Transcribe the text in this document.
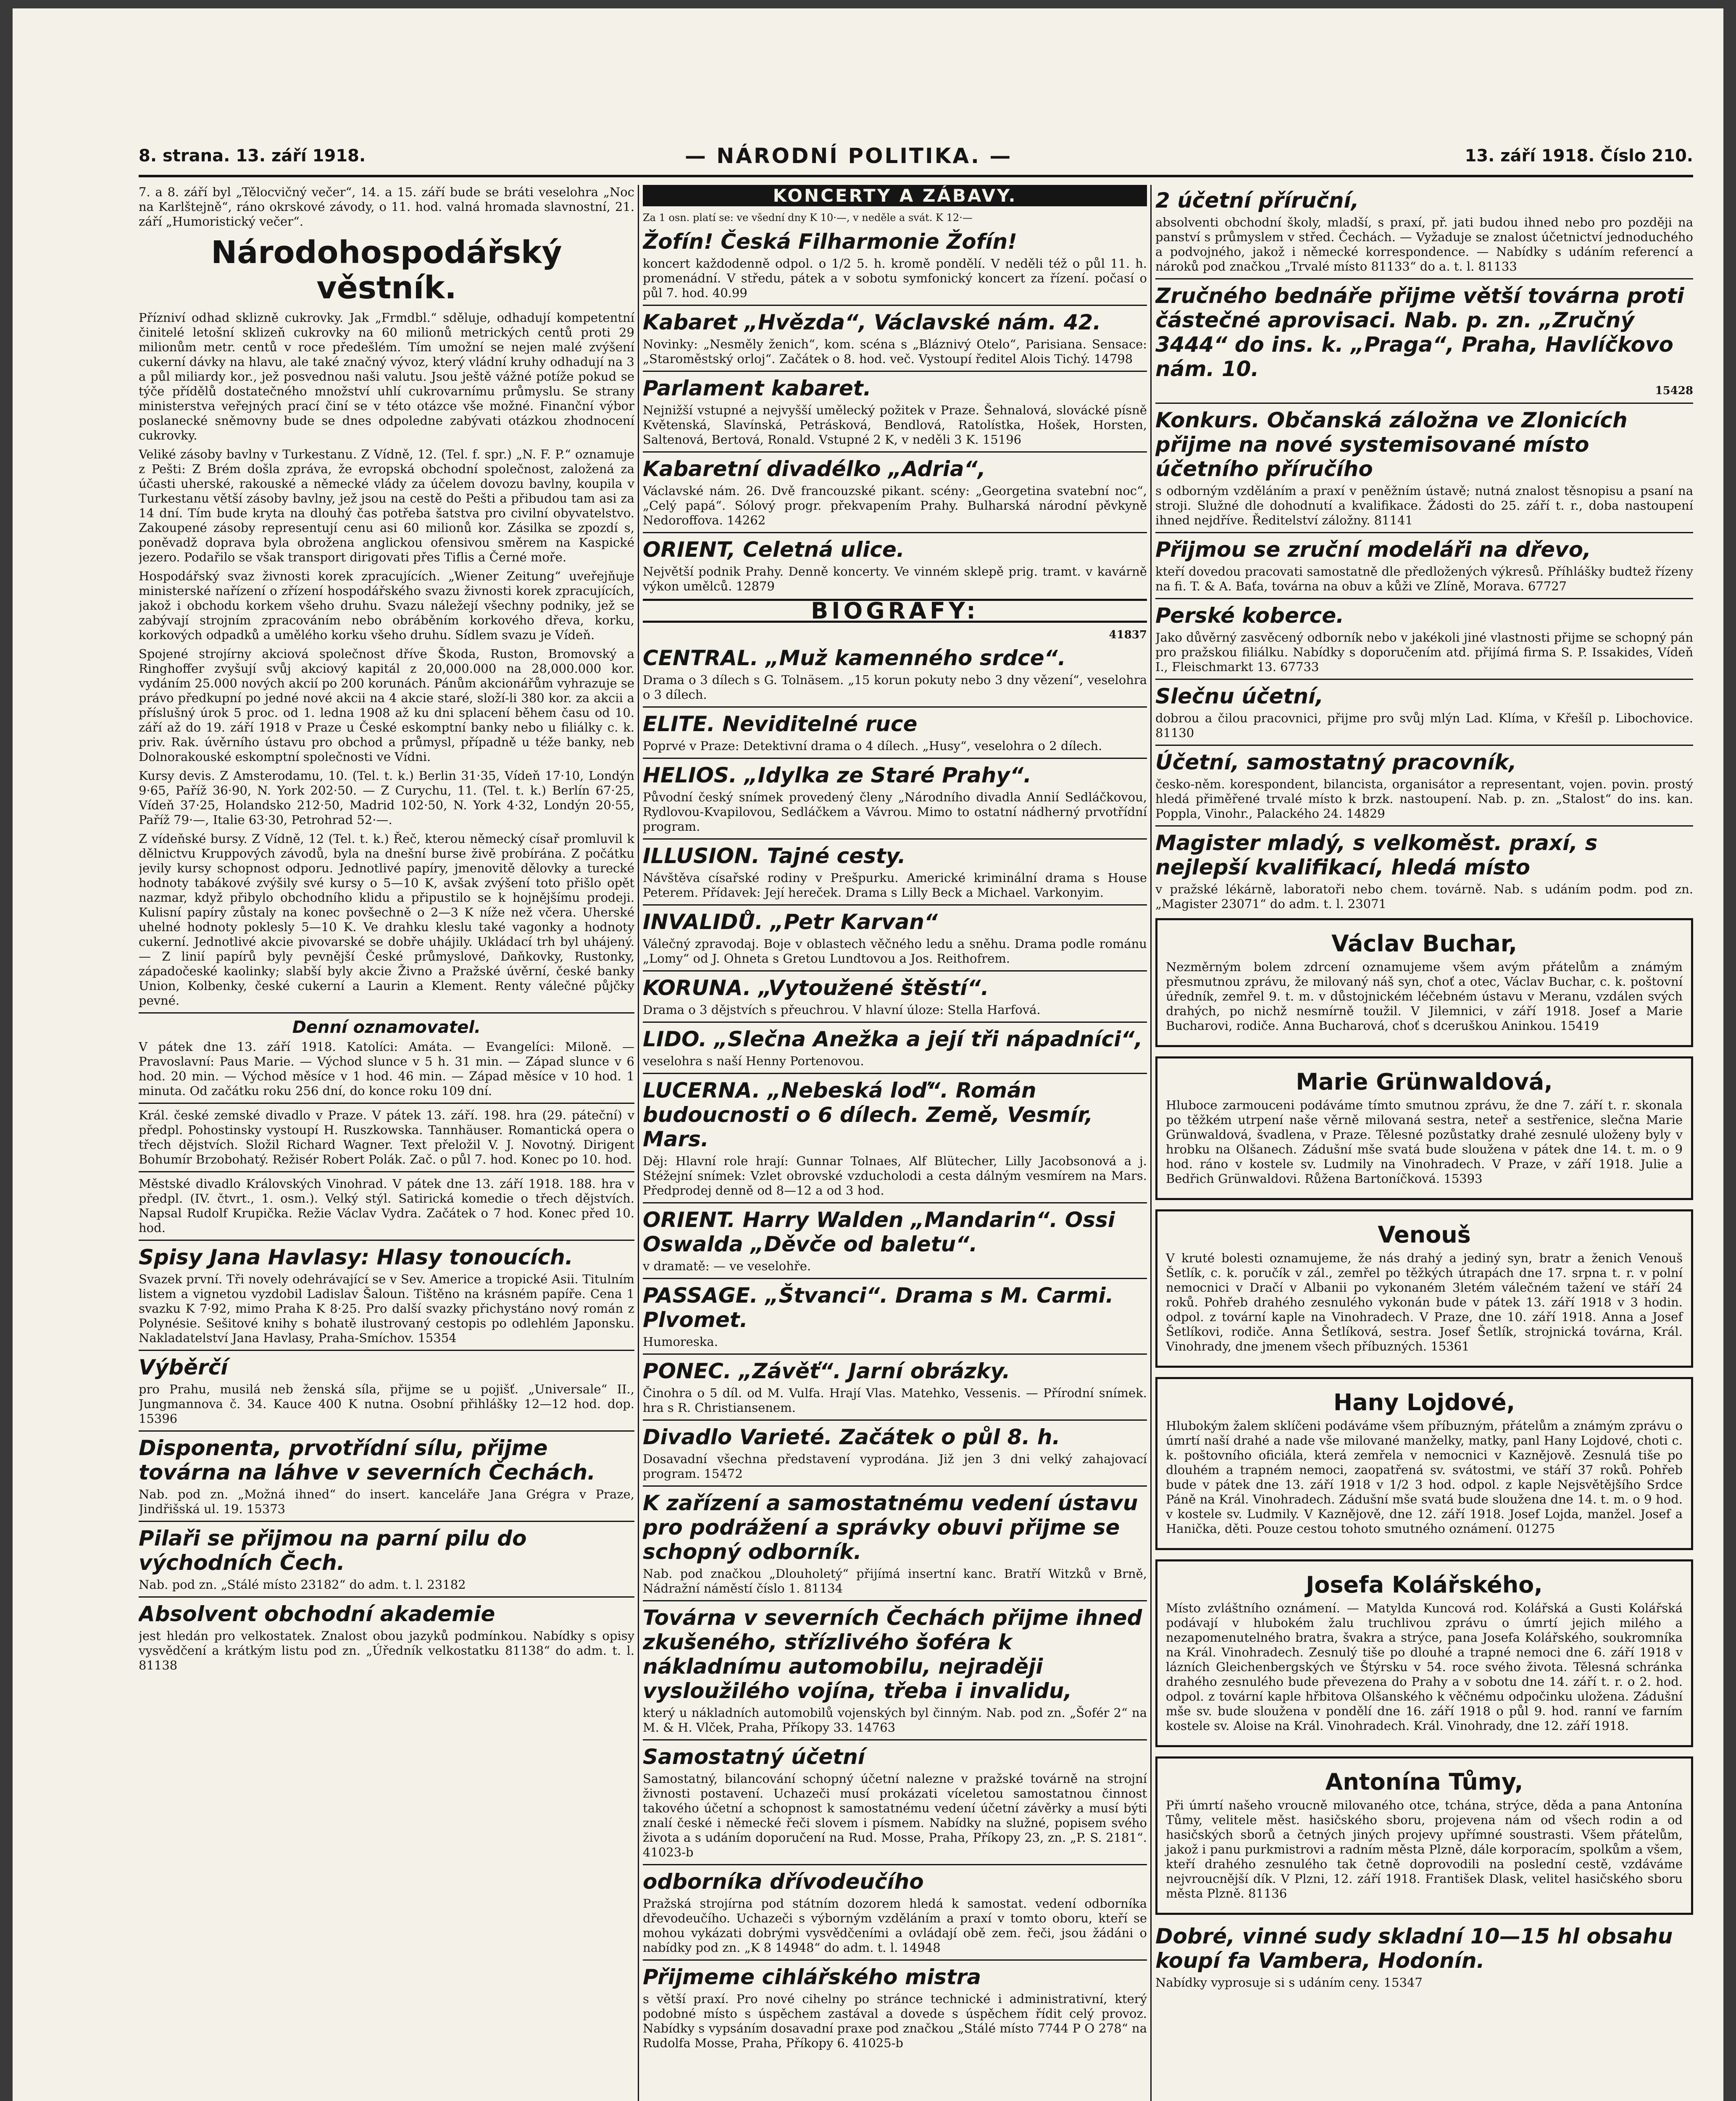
8. strana. 13. září 1918.	— NÁRODNÍ POLITIKA. —	13. září 1918. Číslo 210.

7. a 8. září byl „Tělocvičný večer“, 14. a 15. září bude se bráti veselohra „Noc na Karlštejně“, ráno okrskové závody, o 11. hod. valná hromada slavnostní, 21. září „Humoristický večer“.

Národohospodářský věstník.

Přízniví odhad sklizně cukrovky. Jak „Frmdbl.“ sděluje, odhadují kompetentní činitelé letošní sklizeň cukrovky na 60 milionů metrických centů proti 29 milionům metr. centů v roce předešlém. Tím umožní se nejen malé zvýšení cukerní dávky na hlavu, ale také značný vývoz, který vládní kruhy odhadují na 3 a půl miliardy kor., jež posvednou naši valutu. Jsou ještě vážné potíže pokud se týče přídělů dostatečného množství uhlí cukrovarnímu průmyslu. Se strany ministerstva veřejných prací činí se v této otázce vše možné. Finanční výbor poslanecké sněmovny bude se dnes odpoledne zabývati otázkou zhodnocení cukrovky.

Veliké zásoby bavlny v Turkestanu. Z Vídně, 12. (Tel. f. spr.) „N. F. P.“ oznamuje z Pešti: Z Brém došla zpráva, že evropská obchodní společnost, založená za účasti uherské, rakouské a německé vlády za účelem dovozu bavlny, koupila v Turkestanu větší zásoby bavlny, jež jsou na cestě do Pešti a přibudou tam asi za 14 dní. Tím bude kryta na dlouhý čas potřeba šatstva pro civilní obyvatelstvo. Zakoupené zásoby representují cenu asi 60 milionů kor. Zásilka se zpozdí s, poněvadž doprava byla obrožena anglickou ofensivou směrem na Kaspické jezero. Podařilo se však transport dirigovati přes Tiflis a Černé moře.

Hospodářský svaz živnosti korek zpracujících. „Wiener Zeitung“ uveřejňuje ministerské nařízení o zřízení hospodářského svazu živnosti korek zpracujících, jakož i obchodu korkem všeho druhu. Svazu náležejí všechny podniky, jež se zabývají strojním zpracováním nebo obráběním korkového dřeva, korku, korkových odpadků a umělého korku všeho druhu. Sídlem svazu je Vídeň.

Spojené strojírny akciová společnost dříve Škoda, Ruston, Bromovský a Ringhoffer zvyšují svůj akciový kapitál z 20,000.000 na 28,000.000 kor. vydáním 25.000 nových akcií po 200 korunách. Pánům akcionářům vyhrazuje se právo předkupní po jedné nové akcii na 4 akcie staré, složí-li 380 kor. za akcii a příslušný úrok 5 proc. od 1. ledna 1908 až ku dni splacení během času od 10. září až do 19. září 1918 v Praze u České eskomptní banky nebo u filiálky c. k. priv. Rak. úvěrního ústavu pro obchod a průmysl, případně u téže banky, neb Dolnorakouské eskomptní společnosti ve Vídni.

Kursy devis. Z Amsterodamu, 10. (Tel. t. k.) Berlin 31·35, Vídeň 17·10, Londýn 9·65, Paříž 36·90, N. York 202·50. — Z Curychu, 11. (Tel. t. k.) Berlín 67·25, Vídeň 37·25, Holandsko 212·50, Madrid 102·50, N. York 4·32, Londýn 20·55, Paříž 79·—, Italie 63·30, Petrohrad 52·—.

Z vídeňské bursy. Z Vídně, 12 (Tel. t. k.) Řeč, kterou německý císař promluvil k dělnictvu Kruppových závodů, byla na dnešní burse živě probírána. Z počátku jevily kursy schopnost odporu. Jednotlivé papíry, jmenovitě dělovky a turecké hodnoty tabákové zvýšily své kursy o 5—10 K, avšak zvýšení toto přišlo opět nazmar, když přibylo obchodního klidu a připustilo se k hojnějšímu prodeji. Kulisní papíry zůstaly na konec povšechně o 2—3 K níže než včera. Uherské uhelné hodnoty poklesly 5—10 K. Ve drahku kleslu také vagonky a hodnoty cukerní. Jednotlivé akcie pivovarské se dobře uhájily. Ukládací trh byl uhájený. — Z linií papírů byly pevnější České průmyslové, Daňkovky, Rustonky, západočeské kaolinky; slabší byly akcie Živno a Pražské úvěrní, české banky Union, Kolbenky, české cukerní a Laurin a Klement. Renty válečné půjčky pevné.

Denní oznamovatel.

V pátek dne 13. září 1918. Katolíci: Amáta. — Evangelíci: Miloně. — Pravoslavní: Paus Marie. — Východ slunce v 5 h. 31 min. — Západ slunce v 6 hod. 20 min. — Východ měsíce v 1 hod. 46 min. — Západ měsíce v 10 hod. 1 minuta. Od začátku roku 256 dní, do konce roku 109 dní.

Král. české zemské divadlo v Praze. V pátek 13. září. 198. hra (29. páteční) v předpl. Pohostinsky vystoupí H. Ruszkowska. Tannhäuser. Romantická opera o třech dějstvích. Složil Richard Wagner. Text přeložil V. J. Novotný. Dirigent Bohumír Brzobohatý. Režisér Robert Polák. Zač. o půl 7. hod. Konec po 10. hod.

Městské divadlo Královských Vinohrad. V pátek dne 13. září 1918. 188. hra v předpl. (IV. čtvrt., 1. osm.). Velký stýl. Satirická komedie o třech dějstvích. Napsal Rudolf Krupička. Režie Václav Vydra. Začátek o 7 hod. Konec před 10. hod.

Spisy Jana Havlasy: Hlasy tonoucích.

Svazek první. Tři novely odehrávající se v Sev. Americe a tropické Asii. Titulním listem a vignetou vyzdobil Ladislav Šaloun. Tištěno na krásném papíře. Cena 1 svazku K 7·92, mimo Praha K 8·25. Pro další svazky přichystáno nový román z Polynésie. Sešitové knihy s bohatě ilustrovaný cestopis po odlehlém Japonsku. Nakladatelství Jana Havlasy, Praha-Smíchov. 15354

Výběrčí

pro Prahu, musilá neb ženská síla, přijme se u pojišť. „Universale“ II., Jungmannova č. 34. Kauce 400 K nutna. Osobní přihlášky 12—12 hod. dop. 15396

Disponenta, prvotřídní sílu, přijme továrna na láhve v severních Čechách.

Nab. pod zn. „Možná ihned“ do insert. kanceláře Jana Grégra v Praze, Jindřišská ul. 19. 15373

Pilaři se přijmou na parní pilu do východních Čech.

Nab. pod zn. „Stálé místo 23182“ do adm. t. l. 23182

Absolvent obchodní akademie

jest hledán pro velkostatek. Znalost obou jazyků podmínkou. Nabídky s opisy vysvědčení a krátkým listu pod zn. „Úředník velkostatku 81138“ do adm. t. l. 81138

KONCERTY A ZÁBAVY.

Za 1 osn. platí se: ve všední dny K 10·—, v neděle a svát. K 12·—

Žofín! Česká Filharmonie Žofín!

koncert každodenně odpol. o 1/2 5. h. kromě pondělí. V neděli též o půl 11. h. promenádní. V středu, pátek a v sobotu symfonický koncert za řízení. počasí o půl 7. hod. 40.99

Kabaret „Hvězda“, Václavské nám. 42.

Novinky: „Nesměly ženich“, kom. scéna s „Bláznivý Otelo“, Parisiana. Sensace: „Staroměstský orloj“. Začátek o 8. hod. več. Vystoupí ředitel Alois Tichý. 14798

Parlament kabaret.

Nejnižší vstupné a nejvyšší umělecký požitek v Praze. Šehnalová, slovácké písně Květenská, Slavínská, Petrásková, Bendlová, Ratolístka, Hošek, Horsten, Saltenová, Bertová, Ronald. Vstupné 2 K, v neděli 3 K. 15196

Kabaretní divadélko „Adria“,

Václavské nám. 26. Dvě francouzské pikant. scény: „Georgetina svatební noc“, „Celý papá“. Sólový progr. překvapením Prahy. Bulharská národní pěvkyně Nedoroffova. 14262

ORIENT, Celetná ulice.

Největší podnik Prahy. Denně koncerty. Ve vinném sklepě prig. tramt. v kavárně výkon umělců. 12879

BIOGRAFY:
41837
CENTRAL. „Muž kamenného srdce“.

Drama o 3 dílech s G. Tolnäsem. „15 korun pokuty nebo 3 dny vězení“, veselohra o 3 dílech.

ELITE. Neviditelné ruce

Poprvé v Praze: Detektivní drama o 4 dílech. „Husy“, veselohra o 2 dílech.

HELIOS. „Idylka ze Staré Prahy“.

Původní český snímek provedený členy „Národního divadla Annií Sedláčkovou, Rydlovou-Kvapilovou, Sedláčkem a Vávrou. Mimo to ostatní nádherný prvotřídní program.

ILLUSION. Tajné cesty.

Návštěva císařské rodiny v Prešpurku. Americké kriminální drama s House Peterem. Přídavek: Její hereček. Drama s Lilly Beck a Michael. Varkonyim.

INVALIDŮ. „Petr Karvan“

Válečný zpravodaj. Boje v oblastech věčného ledu a sněhu. Drama podle románu „Lomy“ od J. Ohneta s Gretou Lundtovou a Jos. Reithofrem.

KORUNA. „Vytoužené štěstí“.

Drama o 3 dějstvích s přeuchrou. V hlavní úloze: Stella Harfová.

LIDO. „Slečna Anežka a její tři nápadníci“,

veselohra s naší Henny Portenovou.

LUCERNA. „Nebeská loď“. Román budoucnosti o 6 dílech. Země, Vesmír, Mars.

Děj: Hlavní role hrají: Gunnar Tolnaes, Alf Blütecher, Lilly Jacobsonová a j. Stéžejní snímek: Vzlet obrovské vzducholodi a cesta dálným vesmírem na Mars. Předprodej denně od 8—12 a od 3 hod.

ORIENT. Harry Walden „Mandarin“. Ossi Oswalda „Děvče od baletu“.

v dramatě: — ve veselohře.

PASSAGE. „Štvanci“. Drama s M. Carmi. Plvomet.

Humoreska.

PONEC. „Závěť“. Jarní obrázky.

Činohra o 5 díl. od M. Vulfa. Hrají Vlas. Matehko, Vessenis. — Přírodní snímek. hra s R. Christiansenem.

Divadlo Varieté. Začátek o půl 8. h.

Dosavadní všechna představení vyprodána. Již jen 3 dni velký zahajovací program. 15472

K zařízení a samostatnému vedení ústavu pro podrážení a správky obuvi přijme se schopný odborník.

Nab. pod značkou „Dlouholetý“ přijímá insertní kanc. Bratří Witzků v Brně, Nádražní náměstí číslo 1. 81134

Továrna v severních Čechách přijme ihned zkušeného, střízlivého šoféra k nákladnímu automobilu, nejraději vysloužilého vojína, třeba i invalidu,

který u nákladních automobilů vojenských byl činným. Nab. pod zn. „Šofér 2“ na M. & H. Vlček, Praha, Příkopy 33. 14763

Samostatný účetní

Samostatný, bilancování schopný účetní nalezne v pražské továrně na strojní živnosti postavení. Uchazeči musí prokázati víceletou samostatnou činnost takového účetní a schopnost k samostatnému vedení účetní závěrky a musí býti znalí české i německé řeči slovem i písmem. Nabídky na služné, popisem svého života a s udáním doporučení na Rud. Mosse, Praha, Příkopy 23, zn. „P. S. 2181“. 41023-b

odborníka dřívodeučího

Pražská strojírna pod státním dozorem hledá k samostat. vedení odborníka dřevodeučího. Uchazeči s výborným vzděláním a praxí v tomto oboru, kteří se mohou vykázati dobrými vysvědčeními a ovládají obě zem. řeči, jsou žádáni o nabídky pod zn. „K 8 14948“ do adm. t. l. 14948

Přijmeme cihlářského mistra

s větší praxí. Pro nové cihelny po stránce technické i administrativní, který podobné místo s úspěchem zastával a dovede s úspěchem řídit celý provoz. Nabídky s vypsáním dosavadní praxe pod značkou „Stálé místo 7744 P O 278“ na Rudolfa Mosse, Praha, Příkopy 6. 41025-b

2 účetní příruční,

absolventi obchodní školy, mladší, s praxí, př. jati budou ihned nebo pro později na panství s průmyslem v střed. Čechách. — Vyžaduje se znalost účetnictví jednoduchého a podvojného, jakož i německé korrespondence. — Nabídky s udáním referencí a nároků pod značkou „Trvalé místo 81133“ do a. t. l. 81133

Zručného bednáře přijme větší továrna proti částečné aprovisaci. Nab. p. zn. „Zručný 3444“ do ins. k. „Praga“, Praha, Havlíčkovo nám. 10.
15428
Konkurs. Občanská záložna ve Zlonicích přijme na nové systemisované místo účetního příručího

s odborným vzděláním a praxí v peněžním ústavě; nutná znalost těsnopisu a psaní na stroji. Služné dle dohodnutí a kvalifikace. Žádosti do 25. září t. r., doba nastoupení ihned nejdříve. Ředitelství záložny. 81141

Přijmou se zruční modeláři na dřevo,

kteří dovedou pracovati samostatně dle předložených výkresů. Příhlášky budtež řízeny na fi. T. & A. Baťa, továrna na obuv a kůži ve Zlíně, Morava. 67727

Perské koberce.

Jako důvěrný zasvěcený odborník nebo v jakékoli jiné vlastnosti přijme se schopný pán pro pražskou filiálku. Nabídky s doporučením atd. přijímá firma S. P. Issakides, Vídeň I., Fleischmarkt 13. 67733

Slečnu účetní,

dobrou a čilou pracovnici, přijme pro svůj mlýn Lad. Klíma, v Křešíl p. Libochovice. 81130

Účetní, samostatný pracovník,

česko-něm. korespondent, bilancista, organisátor a representant, vojen. povin. prostý hledá přiměřené trvalé místo k brzk. nastoupení. Nab. p. zn. „Stalost“ do ins. kan. Poppla, Vinohr., Palackého 24. 14829

Magister mladý, s velkoměst. praxí, s nejlepší kvalifikací, hledá místo

v pražské lékárně, laboratoři nebo chem. továrně. Nab. s udáním podm. pod zn. „Magister 23071“ do adm. t. l. 23071

Václav Buchar,

Nezměrným bolem zdrcení oznamujeme všem avým přátelům a známým přesmutnou zprávu, že milovaný náš syn, choť a otec, Václav Buchar, c. k. poštovní úředník, zemřel 9. t. m. v důstojnickém léčebném ústavu v Meranu, vzdálen svých drahých, po nichž nesmírně toužil. V Jilemnici, v září 1918. Josef a Marie Bucharovi, rodiče. Anna Bucharová, choť s dceruškou Aninkou. 15419

Marie Grünwaldová,

Hluboce zarmouceni podáváme tímto smutnou zprávu, že dne 7. září t. r. skonala po těžkém utrpení naše věrně milovaná sestra, neteř a sestřenice, slečna Marie Grünwaldová, švadlena, v Praze. Tělesné pozůstatky drahé zesnulé uloženy byly v hrobku na Olšanech. Zádušní mše svatá bude sloužena v pátek dne 14. t. m. o 9 hod. ráno v kostele sv. Ludmily na Vinohradech. V Praze, v září 1918. Julie a Bedřich Grünwaldovi. Růžena Bartoníčková. 15393

Venouš

V kruté bolesti oznamujeme, že nás drahý a jediný syn, bratr a ženich Venouš Šetlík, c. k. poručík v zál., zemřel po těžkých útrapách dne 17. srpna t. r. v polní nemocnici v Dračí v Albanii po vykonaném 3letém válečném tažení ve stáří 24 roků. Pohřeb drahého zesnulého vykonán bude v pátek 13. září 1918 v 3 hodin. odpol. z tovární kaple na Vinohradech. V Praze, dne 10. září 1918. Anna a Josef Šetlíkovi, rodiče. Anna Šetlíková, sestra. Josef Šetlík, strojnická továrna, Král. Vinohrady, dne jmenem všech příbuzných. 15361

Hany Lojdové,

Hlubokým žalem sklíčeni podáváme všem příbuzným, přátelům a známým zprávu o úmrtí naší drahé a nade vše milované manželky, matky, panl Hany Lojdové, choti c. k. poštovního oficiála, která zemřela v nemocnici v Kaznějově. Zesnulá tiše po dlouhém a trapném nemoci, zaopatřená sv. svátostmi, ve stáří 37 roků. Pohřeb bude v pátek dne 13. září 1918 v 1/2 3 hod. odpol. z kaple Nejsvětějšího Srdce Páně na Král. Vinohradech. Zádušní mše svatá bude sloužena dne 14. t. m. o 9 hod. v kostele sv. Ludmily. V Kaznějově, dne 12. září 1918. Josef Lojda, manžel. Josef a Hanička, děti. Pouze cestou tohoto smutného oznámení. 01275

Josefa Kolářského,

Místo zvláštního oznámení. — Matylda Kuncová rod. Kolářská a Gusti Kolářská podávají v hlubokém žalu truchlivou zprávu o úmrtí jejich milého a nezapomenutelného bratra, švakra a strýce, pana Josefa Kolářského, soukromníka na Král. Vinohradech. Zesnulý tiše po dlouhé a trapné nemoci dne 6. září 1918 v lázních Gleichenbergských ve Štýrsku v 54. roce svého života. Tělesná schránka drahého zesnulého bude převezena do Prahy a v sobotu dne 14. září t. r. o 2. hod. odpol. z tovární kaple hřbitova Olšanského k věčnému odpočinku uložena. Zádušní mše sv. bude sloužena v pondělí dne 16. září 1918 o půl 9. hod. ranní ve farním kostele sv. Aloise na Král. Vinohradech. Král. Vinohrady, dne 12. září 1918.

Antonína Tůmy,

Při úmrtí našeho vroucně milovaného otce, tchána, strýce, děda a pana Antonína Tůmy, velitele měst. hasičského sboru, projevena nám od všech rodin a od hasičských sborů a četných jiných projevy upřímné soustrasti. Všem přátelům, jakož i panu purkmistrovi a radním města Plzně, dále korporacím, spolkům a všem, kteří drahého zesnulého tak četně doprovodili na poslední cestě, vzdáváme nejvroucnější dík. V Plzni, 12. září 1918. František Dlask, velitel hasičského sboru města Plzně. 81136

Dobré, vinné sudy skladní 10—15 hl obsahu koupí fa Vambera, Hodonín.

Nabídky vyprosuje si s udáním ceny. 15347
